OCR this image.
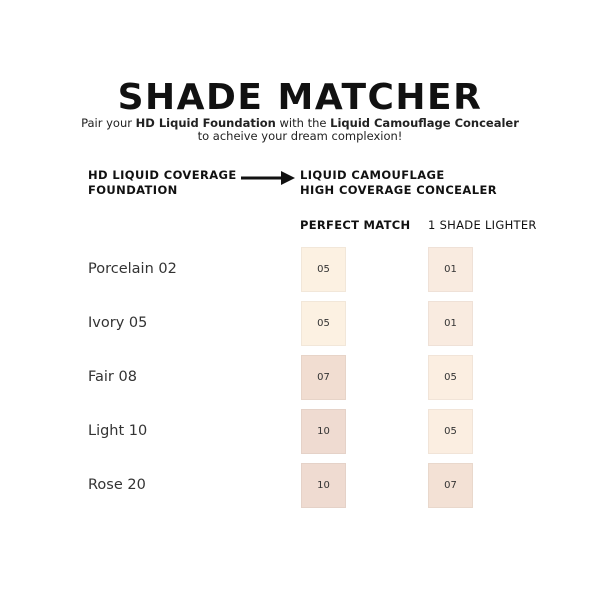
SHADE MATCHER
Pair your HD Liquid Foundation with the Liquid Camouflage Concealer
to acheive your dream complexion!
HD LIQUID COVERAGE
FOUNDATION
LIQUID CAMOUFLAGE
HIGH COVERAGE CONCEALER
PERFECT MATCH 1 SHADE LIGHTER
Porcelain 02	05	01
Ivory 05	05	01
Fair 08	07	05
Light 10	10	05
Rose 20	10	07
